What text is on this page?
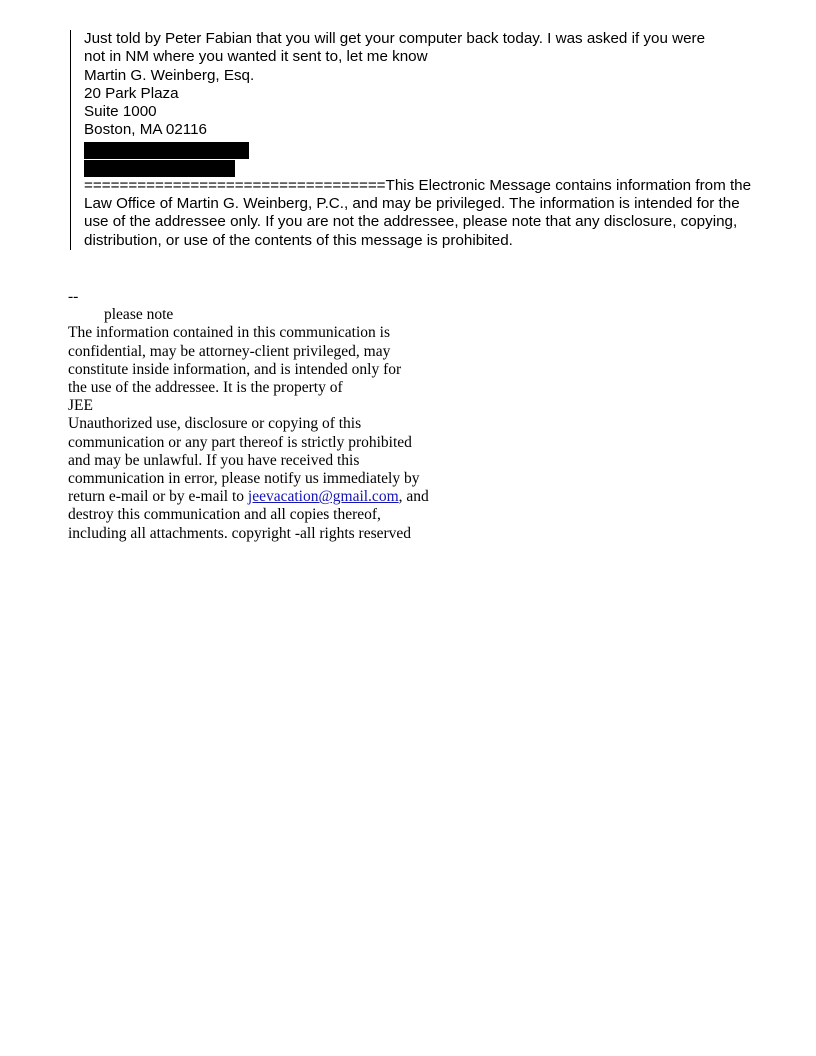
Just told by Peter Fabian that you will get your computer back today. I was asked if you were

not in NM where you wanted it sent to, let me know

Martin G. Weinberg, Esq.

20 Park Plaza

Suite 1000

Boston, MA 02116

==================================This Electronic Message contains information from the Law Office of Martin G. Weinberg, P.C., and may be privileged. The information is intended for the use of the addressee only. If you are not the addressee, please note that any disclosure, copying, distribution, or use of the contents of this message is prohibited.

--

please note

The information contained in this communication is

confidential, may be attorney-client privileged, may

constitute inside information, and is intended only for

the use of the addressee. It is the property of

JEE

Unauthorized use, disclosure or copying of this

communication or any part thereof is strictly prohibited

and may be unlawful. If you have received this

communication in error, please notify us immediately by

return e-mail or by e-mail to jeevacation@gmail.com, and

destroy this communication and all copies thereof,

including all attachments. copyright -all rights reserved
